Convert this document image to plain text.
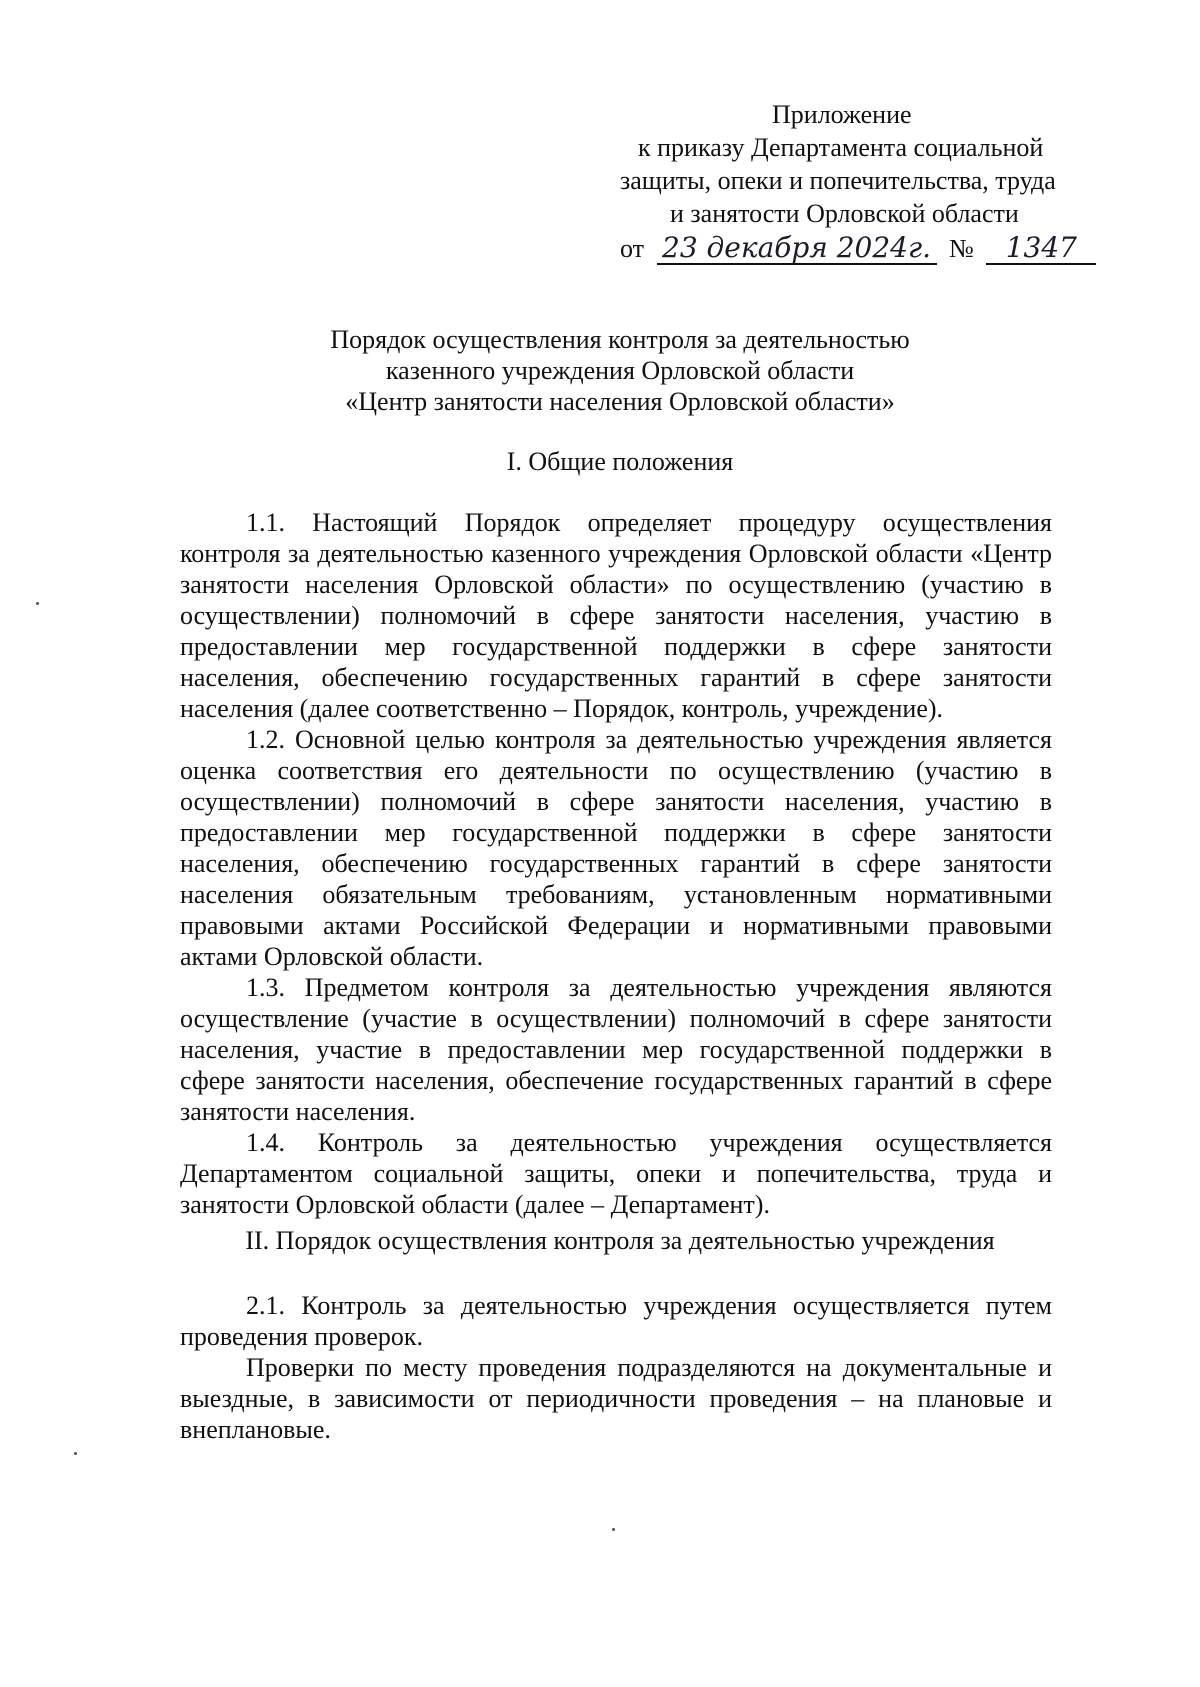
Приложение
к приказу Департамента социальной
защиты, опеки и попечительства, труда
и занятости Орловской области
от 23 декабря 2024г. № 1347
Порядок осуществления контроля за деятельностью
казенного учреждения Орловской области
«Центр занятости населения Орловской области»
I. Общие положения

1.1. Настоящий Порядок определяет процедуру осуществления контроля за деятельностью казенного учреждения Орловской области «Центр занятости населения Орловской области» по осуществлению (участию в осуществлении) полномочий в сфере занятости населения, участию в предоставлении мер государственной поддержки в сфере занятости населения, обеспечению государственных гарантий в сфере занятости населения (далее соответственно – Порядок, контроль, учреждение).

1.2. Основной целью контроля за деятельностью учреждения является оценка соответствия его деятельности по осуществлению (участию в осуществлении) полномочий в сфере занятости населения, участию в предоставлении мер государственной поддержки в сфере занятости населения, обеспечению государственных гарантий в сфере занятости населения обязательным требованиям, установленным нормативными правовыми актами Российской Федерации и нормативными правовыми актами Орловской области.

1.3. Предметом контроля за деятельностью учреждения являются осуществление (участие в осуществлении) полномочий в сфере занятости населения, участие в предоставлении мер государственной поддержки в сфере занятости населения, обеспечение государственных гарантий в сфере занятости населения.

1.4. Контроль за деятельностью учреждения осуществляется Департаментом социальной защиты, опеки и попечительства, труда и занятости Орловской области (далее – Департамент).

II. Порядок осуществления контроля за деятельностью учреждения

2.1. Контроль за деятельностью учреждения осуществляется путем проведения проверок.

Проверки по месту проведения подразделяются на документальные и выездные, в зависимости от периодичности проведения – на плановые и внеплановые.
